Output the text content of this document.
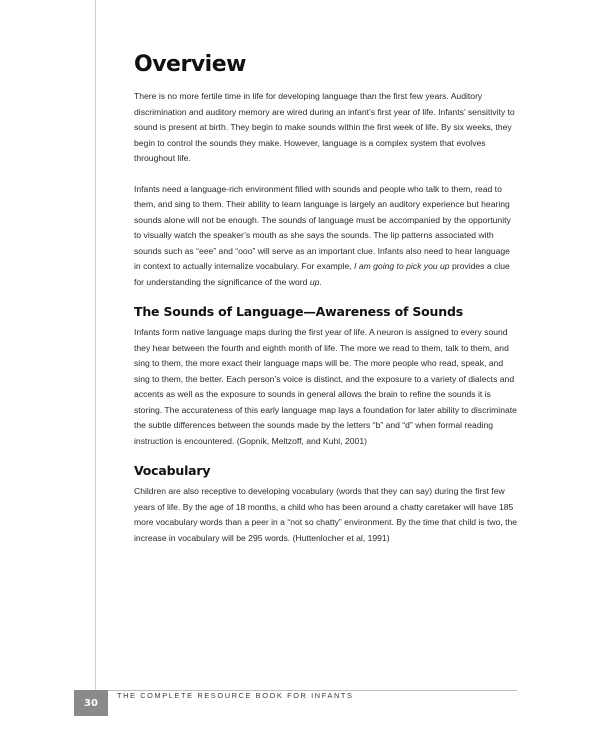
Overview

There is no more fertile time in life for developing language than the first few years. Auditory discrimination and auditory memory are wired during an infant’s first year of life. Infants’ sensitivity to sound is present at birth. They begin to make sounds within the first week of life. By six weeks, they begin to control the sounds they make. However, language is a complex system that evolves throughout life.

Infants need a language-rich environment filled with sounds and people who talk to them, read to them, and sing to them. Their ability to learn language is largely an auditory experience but hearing sounds alone will not be enough. The sounds of language must be accompanied by the opportunity to visually watch the speaker’s mouth as she says the sounds. The lip patterns associated with sounds such as “eee” and “ooo” will serve as an important clue. Infants also need to hear language in context to actually internalize vocabulary. For example, I am going to pick you up provides a clue for understanding the significance of the word up.

The Sounds of Language—Awareness of Sounds

Infants form native language maps during the first year of life. A neuron is assigned to every sound they hear between the fourth and eighth month of life. The more we read to them, talk to them, and sing to them, the more exact their language maps will be. The more people who read, speak, and sing to them, the better. Each person’s voice is distinct, and the exposure to a variety of dialects and accents as well as the exposure to sounds in general allows the brain to refine the sounds it is storing. The accurateness of this early language map lays a foundation for later ability to discriminate the subtle differences between the sounds made by the letters “b” and “d” when formal reading instruction is encountered. (Gopnik, Meltzoff, and Kuhl, 2001)

Vocabulary

Children are also receptive to developing vocabulary (words that they can say) during the first few years of life. By the age of 18 months, a child who has been around a chatty caretaker will have 185 more vocabulary words than a peer in a “not so chatty” environment. By the time that child is two, the increase in vocabulary will be 295 words. (Huttenlocher et al, 1991)

30
THE COMPLETE RESOURCE BOOK FOR INFANTS
